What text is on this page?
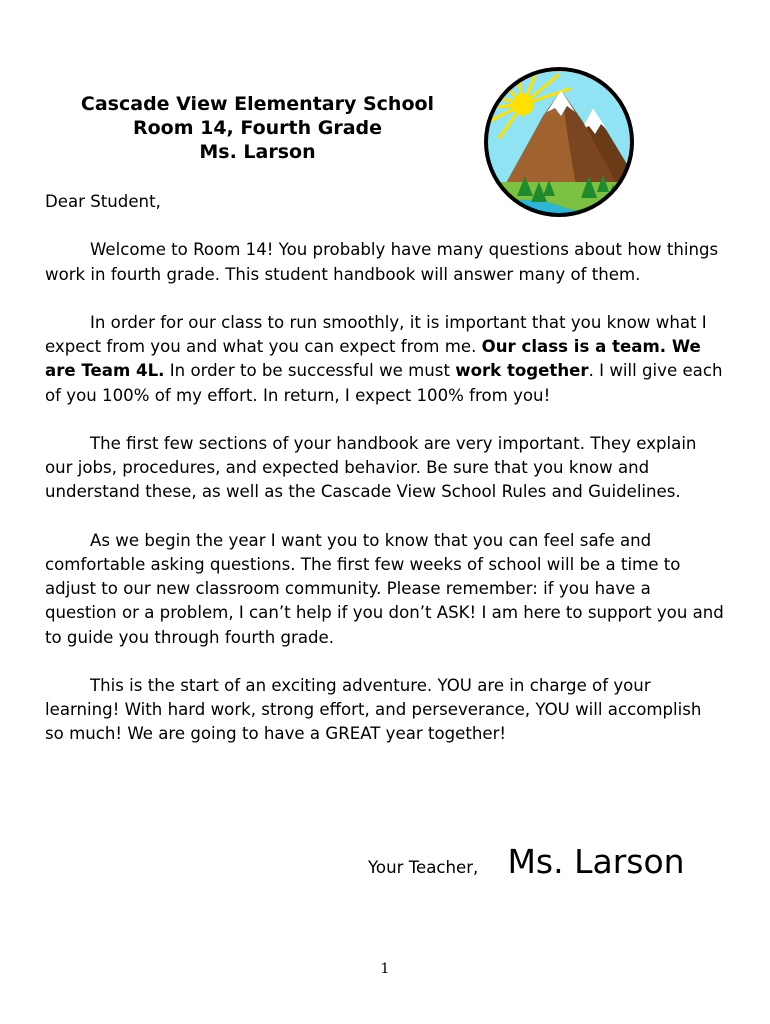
Cascade View Elementary School
Room 14, Fourth Grade
Ms. Larson

Dear Student,

Welcome to Room 14! You probably have many questions about how things work in fourth grade. This student handbook will answer many of them.

In order for our class to run smoothly, it is important that you know what I expect from you and what you can expect from me. Our class is a team. We are Team 4L. In order to be successful we must work together. I will give each of you 100% of my effort. In return, I expect 100% from you!

The first few sections of your handbook are very important. They explain our jobs, procedures, and expected behavior. Be sure that you know and understand these, as well as the Cascade View School Rules and Guidelines.

As we begin the year I want you to know that you can feel safe and comfortable asking questions. The first few weeks of school will be a time to adjust to our new classroom community. Please remember: if you have a question or a problem, I can’t help if you don’t ASK! I am here to support you and to guide you through fourth grade.

This is the start of an exciting adventure. YOU are in charge of your learning! With hard work, strong effort, and perseverance, YOU will accomplish so much! We are going to have a GREAT year together!

Your Teacher, Ms. Larson
1
